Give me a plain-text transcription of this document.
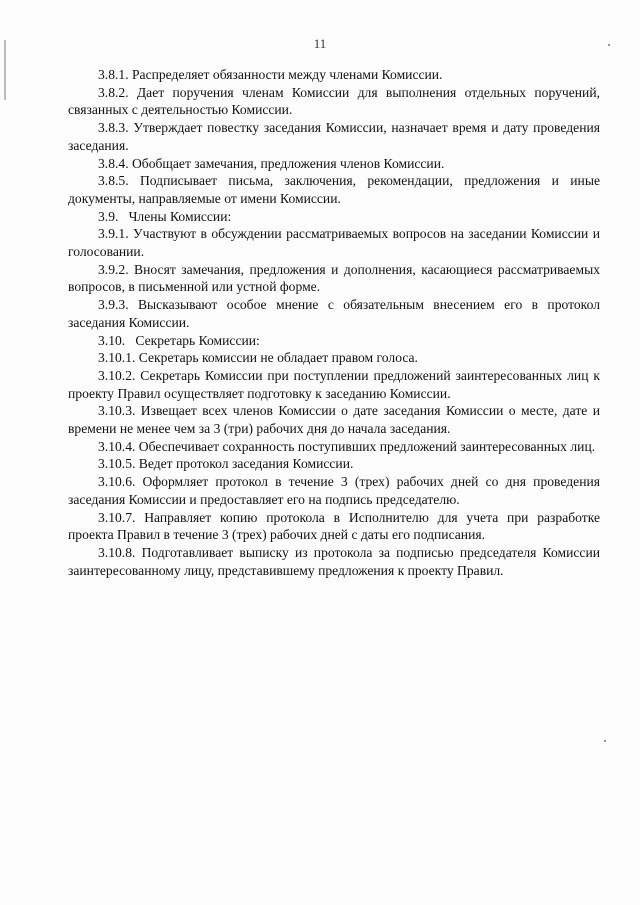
11

3.8.1. Распределяет обязанности между членами Комиссии.

3.8.2. Дает поручения членам Комиссии для выполнения отдельных поручений, связанных с деятельностью Комиссии.

3.8.3. Утверждает повестку заседания Комиссии, назначает время и дату проведения заседания.

3.8.4. Обобщает замечания, предложения членов Комиссии.

3.8.5. Подписывает письма, заключения, рекомендации, предложения и иные документы, направляемые от имени Комиссии.

3.9.   Члены Комиссии:

3.9.1. Участвуют в обсуждении рассматриваемых вопросов на заседании Комиссии и голосовании.

3.9.2. Вносят замечания, предложения и дополнения, касающиеся рассматриваемых вопросов, в письменной или устной форме.

3.9.3. Высказывают особое мнение с обязательным внесением его в протокол заседания Комиссии.

3.10.   Секретарь Комиссии:

3.10.1. Секретарь комиссии не обладает правом голоса.

3.10.2. Секретарь Комиссии при поступлении предложений заинтересованных лиц к проекту Правил осуществляет подготовку к заседанию Комиссии.

3.10.3. Извещает всех членов Комиссии о дате заседания Комиссии о месте, дате и времени не менее чем за 3 (три) рабочих дня до начала заседания.

3.10.4. Обеспечивает сохранность поступивших предложений заинтересованных лиц.

3.10.5. Ведет протокол заседания Комиссии.

3.10.6. Оформляет протокол в течение 3 (трех) рабочих дней со дня проведения заседания Комиссии и предоставляет его на подпись председателю.

3.10.7. Направляет копию протокола в Исполнителю для учета при разработке проекта Правил в течение 3 (трех) рабочих дней с даты его подписания.

3.10.8. Подготавливает выписку из протокола за подписью председателя Комиссии заинтересованному лицу, представившему предложения к проекту Правил.
